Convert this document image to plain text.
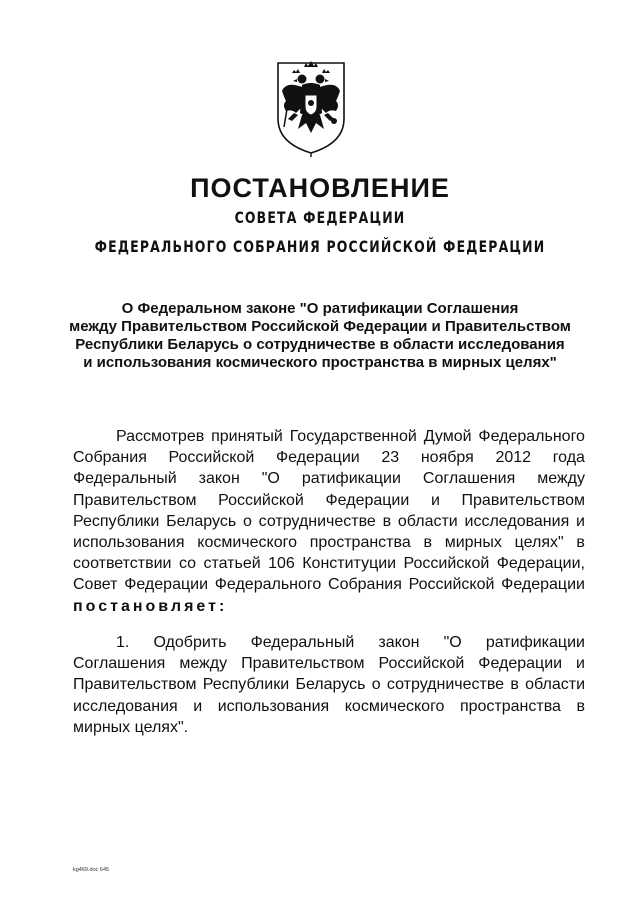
ПОСТАНОВЛЕНИЕ
СОВЕТА ФЕДЕРАЦИИ
ФЕДЕРАЛЬНОГО СОБРАНИЯ РОССИЙСКОЙ ФЕДЕРАЦИИ
О Федеральном законе "О ратификации Соглашения
между Правительством Российской Федерации и Правительством
Республики Беларусь о сотрудничестве в области исследования
и использования космического пространства в мирных целях"
Рассмотрев принятый Государственной Думой Федерального
Собрания Российской Федерации 23 ноября 2012 года
Федеральный закон "О ратификации Соглашения между
Правительством Российской Федерации и Правительством
Республики Беларусь о сотрудничестве в области исследования и
использования космического пространства в мирных целях" в
соответствии со статьей 106 Конституции Российской Федерации,
Совет Федерации Федерального Собрания Российской Федерации
постановляет:
1. Одобрить Федеральный закон "О ратификации
Соглашения между Правительством Российской Федерации и
Правительством Республики Беларусь о сотрудничестве в области
исследования и использования космического пространства в
мирных целях".
kg469.doc 645
